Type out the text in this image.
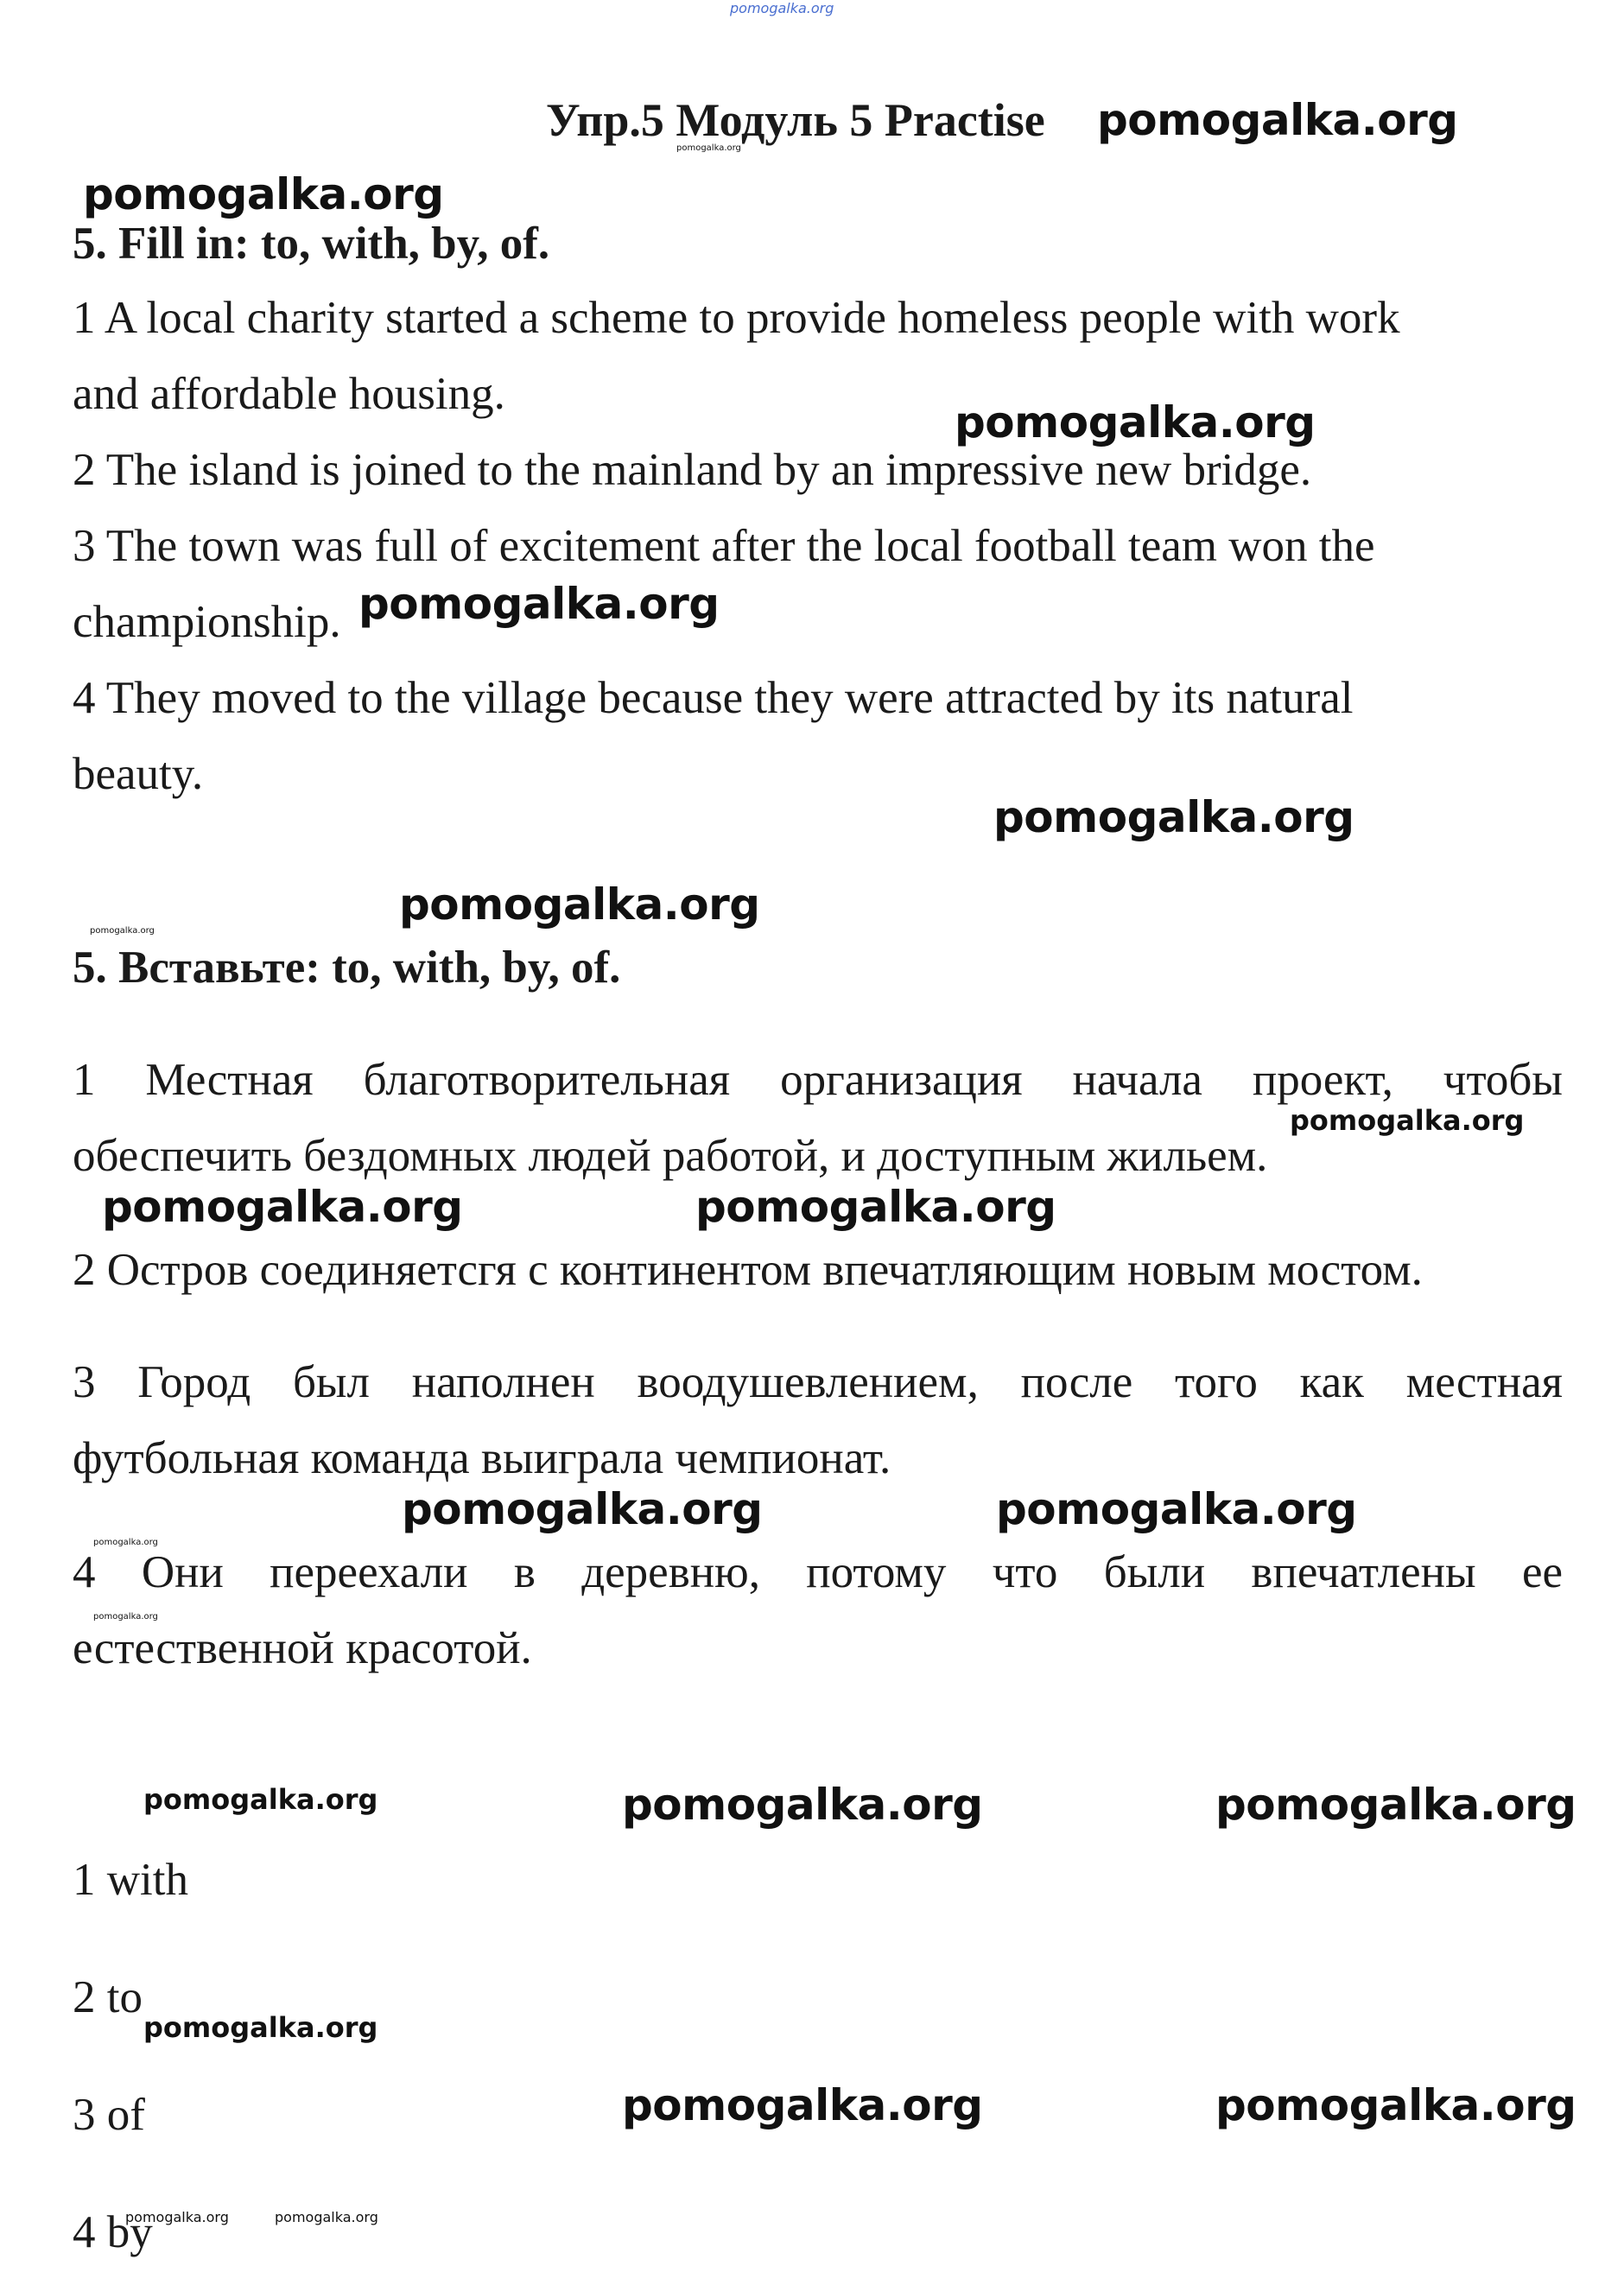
pomogalka.org
Упр.5 Модуль 5 Practise pomogalka.org
pomogalka.org
pomogalka.org
5. Fill in: to, with, by, of.
1 A local charity started a scheme to provide homeless people with work
and affordable housing.
pomogalka.org
2 The island is joined to the mainland by an impressive new bridge.
3 The town was full of excitement after the local football team won the
championship. pomogalka.org
4 They moved to the village because they were attracted by its natural
beauty.
pomogalka.org
pomogalka.org
pomogalka.org
5. Вставьте: to, with, by, of.
1 Местная благотворительная организация начала проект, чтобы
pomogalka.org
обеспечить бездомных людей работой, и доступным жильем.
pomogalka.org	pomogalka.org
2 Остров соединяетсгя с континентом впечатляющим новым мостом.
3 Город был наполнен воодушевлением, после того как местная
футбольная команда выиграла чемпионат.
pomogalka.org	pomogalka.org
pomogalka.org
4 Они переехали в деревню, потому что были впечатлены ее
pomogalka.org
естественной красотой.
pomogalka.org	pomogalka.org	pomogalka.org
1 with
2 to
pomogalka.org
pomogalka.org	pomogalka.org
3 of
pomogalka.org	pomogalka.org
4 by
